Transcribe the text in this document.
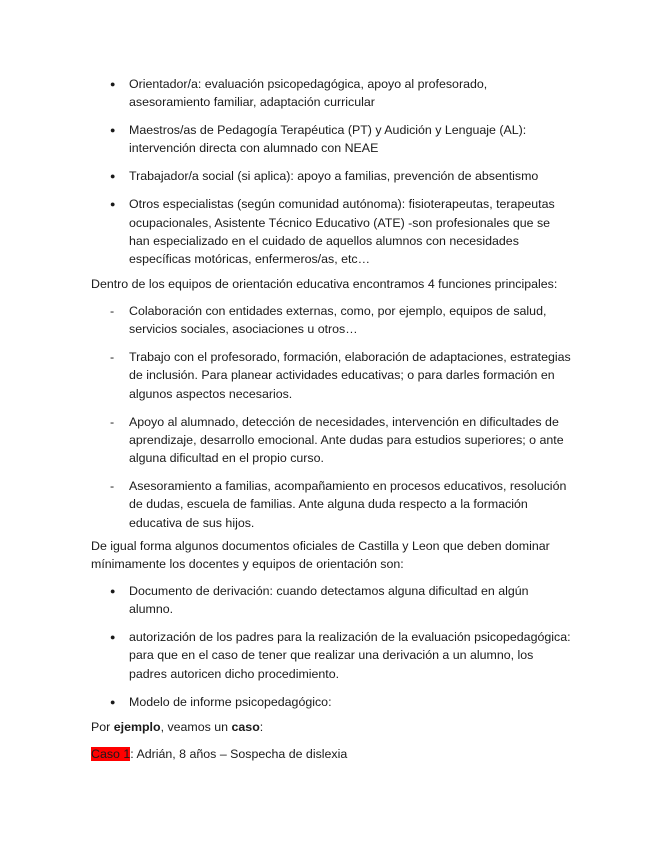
● Orientador/a: evaluación psicopedagógica, apoyo al profesorado, asesoramiento familiar, adaptación curricular
● Maestros/as de Pedagogía Terapéutica (PT) y Audición y Lenguaje (AL): intervención directa con alumnado con NEAE
● Trabajador/a social (si aplica): apoyo a familias, prevención de absentismo
● Otros especialistas (según comunidad autónoma): fisioterapeutas, terapeutas ocupacionales, Asistente Técnico Educativo (ATE) -son profesionales que se han especializado en el cuidado de aquellos alumnos con necesidades específicas motóricas, enfermeros/as, etc…

Dentro de los equipos de orientación educativa encontramos 4 funciones principales:

- Colaboración con entidades externas, como, por ejemplo, equipos de salud, servicios sociales, asociaciones u otros…
- Trabajo con el profesorado, formación, elaboración de adaptaciones, estrategias de inclusión. Para planear actividades educativas; o para darles formación en algunos aspectos necesarios.
- Apoyo al alumnado, detección de necesidades, intervención en dificultades de aprendizaje, desarrollo emocional. Ante dudas para estudios superiores; o ante alguna dificultad en el propio curso.
- Asesoramiento a familias, acompañamiento en procesos educativos, resolución de dudas, escuela de familias. Ante alguna duda respecto a la formación educativa de sus hijos.

De igual forma algunos documentos oficiales de Castilla y Leon que deben dominar mínimamente los docentes y equipos de orientación son:

● Documento de derivación: cuando detectamos alguna dificultad en algún alumno.
● autorización de los padres para la realización de la evaluación psicopedagógica: para que en el caso de tener que realizar una derivación a un alumno, los padres autoricen dicho procedimiento.
● Modelo de informe psicopedagógico:

Por ejemplo, veamos un caso:

Caso 1: Adrián, 8 años – Sospecha de dislexia
